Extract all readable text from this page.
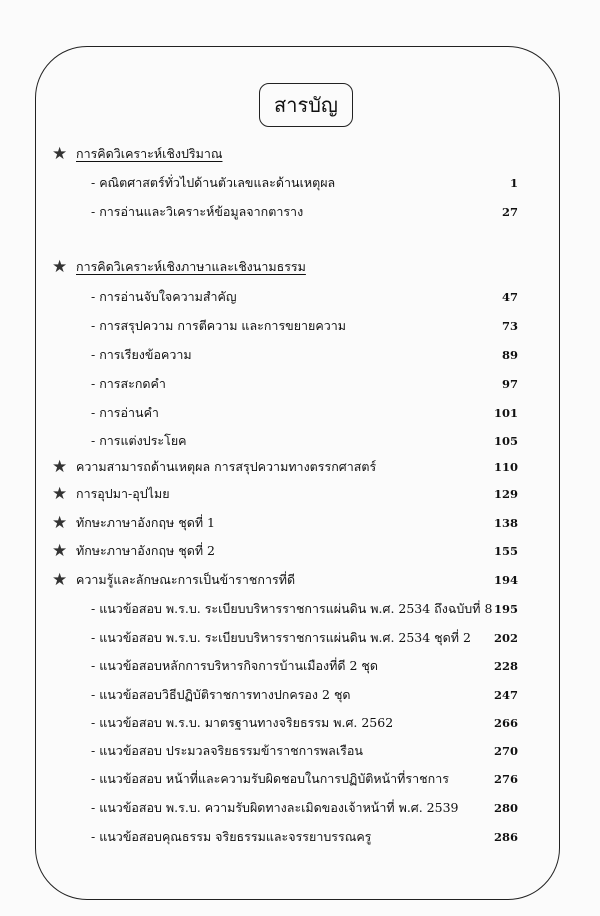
สารบัญ
★ การคิดวิเคราะห์เชิงปริมาณ
- คณิตศาสตร์ทั่วไปด้านตัวเลขและด้านเหตุผล	1
- การอ่านและวิเคราะห์ข้อมูลจากตาราง	27
★ การคิดวิเคราะห์เชิงภาษาและเชิงนามธรรม
- การอ่านจับใจความสำคัญ	47
- การสรุปความ การตีความ และการขยายความ	73
- การเรียงข้อความ	89
- การสะกดคำ	97
- การอ่านคำ	101
- การแต่งประโยค	105
★ ความสามารถด้านเหตุผล การสรุปความทางตรรกศาสตร์	110
★ การอุปมา-อุปไมย	129
★ ทักษะภาษาอังกฤษ ชุดที่ 1	138
★ ทักษะภาษาอังกฤษ ชุดที่ 2	155
★ ความรู้และลักษณะการเป็นข้าราชการที่ดี	194
- แนวข้อสอบ พ.ร.บ. ระเบียบบริหารราชการแผ่นดิน พ.ศ. 2534 ถึงฉบับที่ 8 195
- แนวข้อสอบ พ.ร.บ. ระเบียบบริหารราชการแผ่นดิน พ.ศ. 2534 ชุดที่ 2 202
- แนวข้อสอบหลักการบริหารกิจการบ้านเมืองที่ดี 2 ชุด	228
- แนวข้อสอบวิธีปฏิบัติราชการทางปกครอง 2 ชุด	247
- แนวข้อสอบ พ.ร.บ. มาตรฐานทางจริยธรรม พ.ศ. 2562	266
- แนวข้อสอบ ประมวลจริยธรรมข้าราชการพลเรือน	270
- แนวข้อสอบ หน้าที่และความรับผิดชอบในการปฏิบัติหน้าที่ราชการ	276
- แนวข้อสอบ พ.ร.บ. ความรับผิดทางละเมิดของเจ้าหน้าที่ พ.ศ. 2539	280
- แนวข้อสอบคุณธรรม จริยธรรมและจรรยาบรรณครู	286
